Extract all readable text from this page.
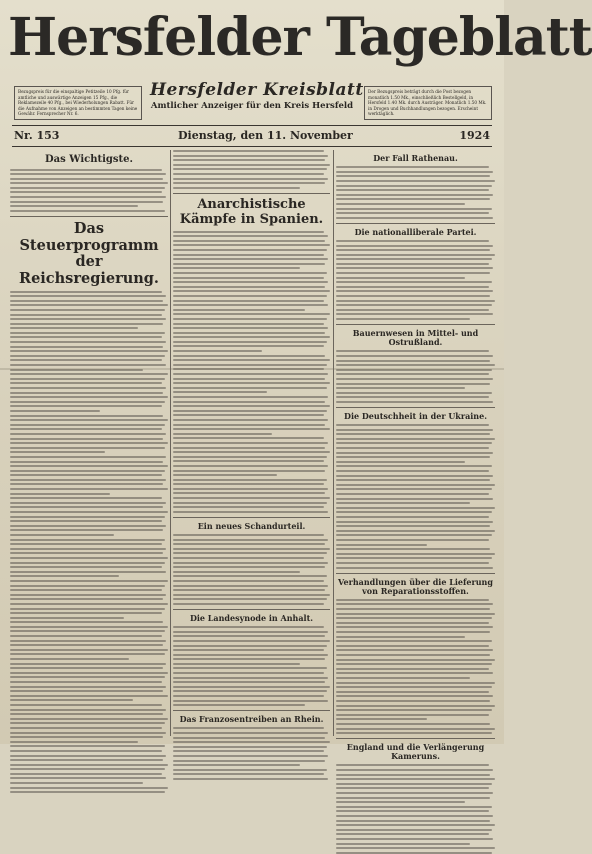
Hersfelder Tageblatt
Bezugspreis für die einspaltige Petitzeile 10 Pfg. für amtliche und auswärtige Anzeigen 15 Pfg., die Reklamezeile 40 Pfg., bei Wiederholungen Rabatt. Für die Aufnahme von Anzeigen an bestimmten Tagen keine Gewähr. Fernsprecher Nr. 6.
Hersfelder Kreisblatt
Amtlicher Anzeiger für den Kreis Hersfeld
Der Bezugspreis beträgt durch die Post bezogen monatlich 1.50 Mk., einschließlich Bestellgeld, in Hersfeld 1.40 Mk. durch Austräger. Monatlich 1.50 Mk. in Drogen und Buchhandlungen bezogen. Erscheint werktäglich.
Nr. 153	Dienstag, den 11. November	1924
Das Wichtigste.
Das Steuerprogramm der Reichsregierung.
Anarchistische Kämpfe in Spanien.
Ein neues Schandurteil.
Die Landesynode in Anhalt.
Das Franzosentreiben an Rhein.
Der Fall Rathenau.
Die nationalliberale Partei.
Bauernwesen in Mittel- und Ostrußland.
Die Deutschheit in der Ukraine.
Verhandlungen über die Lieferung von Reparationsstoffen.
England und die Verlängerung Kameruns.
